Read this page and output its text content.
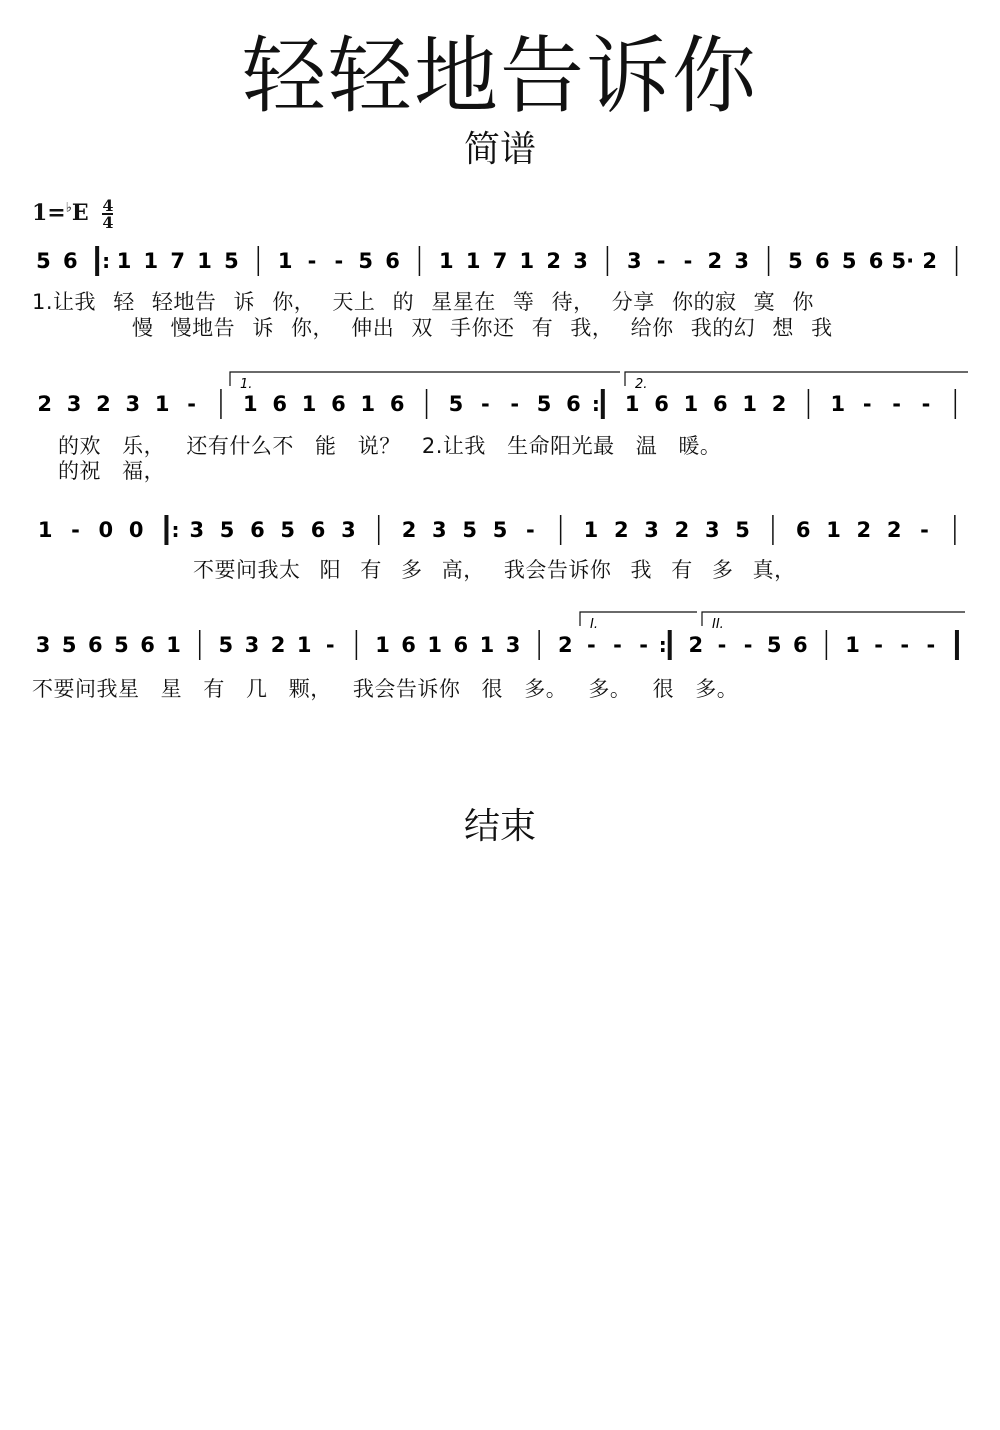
轻轻地告诉你
简谱
$1=^♭E \frac{4}{4}$
5 6 : 1 1 7 1 5 1 - - 5 6 1 1 7 1 2 3 3 - - 2 3 5 6 5 6 5· 2
2 3 2 3 1 - 1 6 1 6 1 6 5 - - 5 6 : 1 6 1 6 1 2 1 - - -
1 - 0 0 : 3 5 6 5 6 3 2 3 5 5 - 1 2 3 2 3 5 6 1 2 2 -
3 5 6 5 6 1 5 3 2 1 - 1 6 1 6 1 3 2 - - - : 2 - - 5 6 1 - - -
1.	2.
I.	II.
1.让我 轻 轻地告 诉 你， 天上 的 星星在 等 待， 分享 你的寂 寞 你
慢 慢地告 诉 你， 伸出 双 手你还 有 我， 给你 我的幻 想 我
的欢 乐， 还有什么不 能 说？ 2.让我 生命阳光最 温 暖。
的祝 福，
不要问我太 阳 有 多 高， 我会告诉你 我 有 多 真，
不要问我星 星 有 几 颗， 我会告诉你 很 多。 多。 很 多。
结束
